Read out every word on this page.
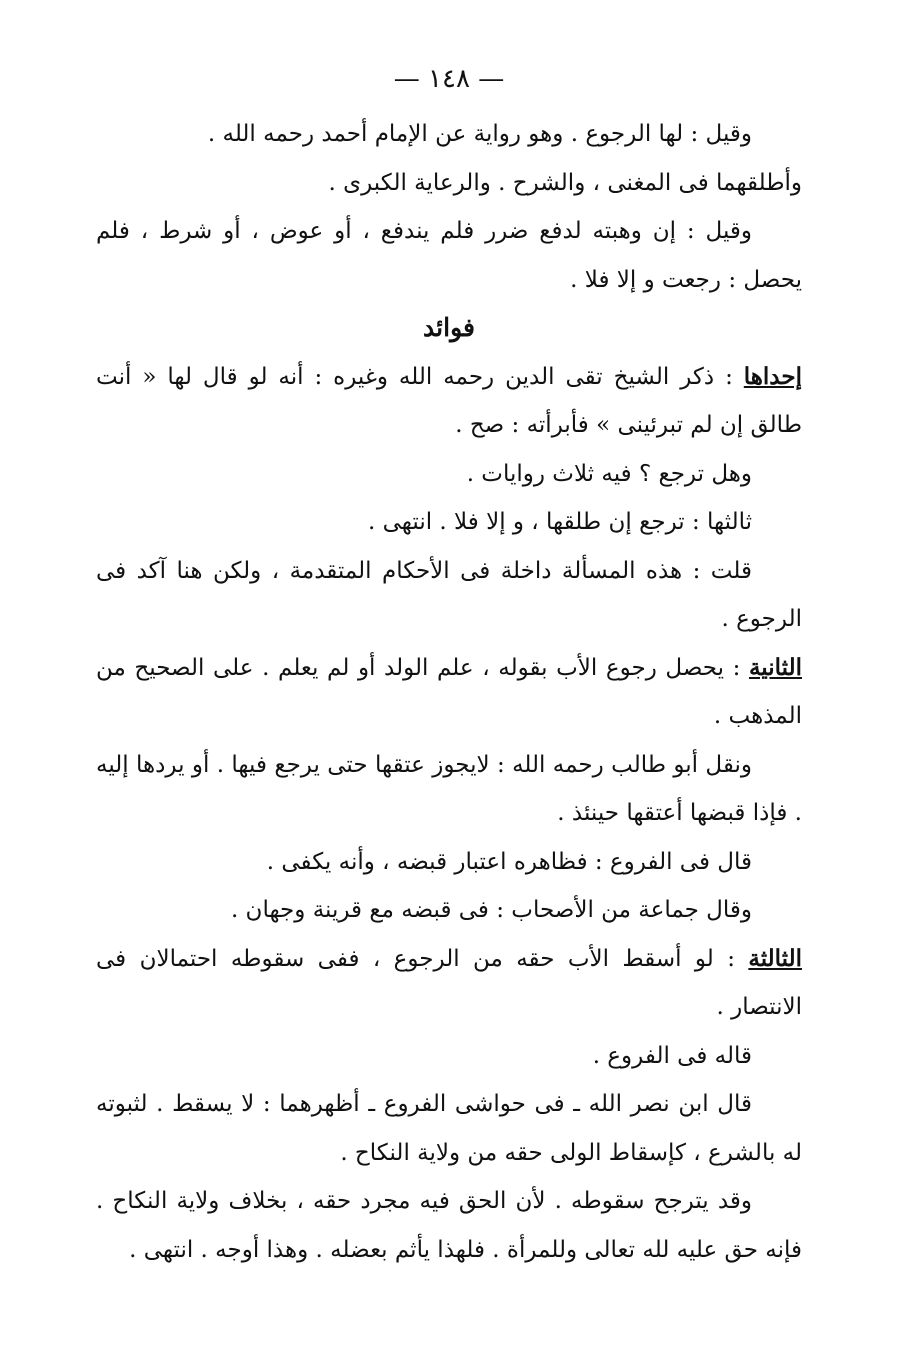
— ١٤٨ —

وقيل : لها الرجوع . وهو رواية عن الإمام أحمد رحمه الله .

وأطلقهما فى المغنى ، والشرح . والرعاية الكبرى .

وقيل : إن وهبته لدفع ضرر فلم يندفع ، أو عوض ، أو شرط ، فلم يحصل : رجعت و إلا فلا .

فوائد

إحداها : ذكر الشيخ تقى الدين رحمه الله وغيره : أنه لو قال لها « أنت طالق إن لم تبرئينى » فأبرأته : صح .

وهل ترجع ؟ فيه ثلاث روايات .

ثالثها : ترجع إن طلقها ، و إلا فلا . انتهى .

قلت : هذه المسألة داخلة فى الأحكام المتقدمة ، ولكن هنا آكد فى الرجوع .

الثانية : يحصل رجوع الأب بقوله ، علم الولد أو لم يعلم . على الصحيح من المذهب .

ونقل أبو طالب رحمه الله : لايجوز عتقها حتى يرجع فيها . أو يردها إليه . فإذا قبضها أعتقها حينئذ .

قال فى الفروع : فظاهره اعتبار قبضه ، وأنه يكفى .

وقال جماعة من الأصحاب : فى قبضه مع قرينة وجهان .

الثالثة : لو أسقط الأب حقه من الرجوع ، ففى سقوطه احتمالان فى الانتصار .

قاله فى الفروع .

قال ابن نصر الله ـ فى حواشى الفروع ـ أظهرهما : لا يسقط . لثبوته له بالشرع ، كإسقاط الولى حقه من ولاية النكاح .

وقد يترجح سقوطه . لأن الحق فيه مجرد حقه ، بخلاف ولاية النكاح . فإنه حق عليه لله تعالى وللمرأة . فلهذا يأثم بعضله . وهذا أوجه . انتهى .
